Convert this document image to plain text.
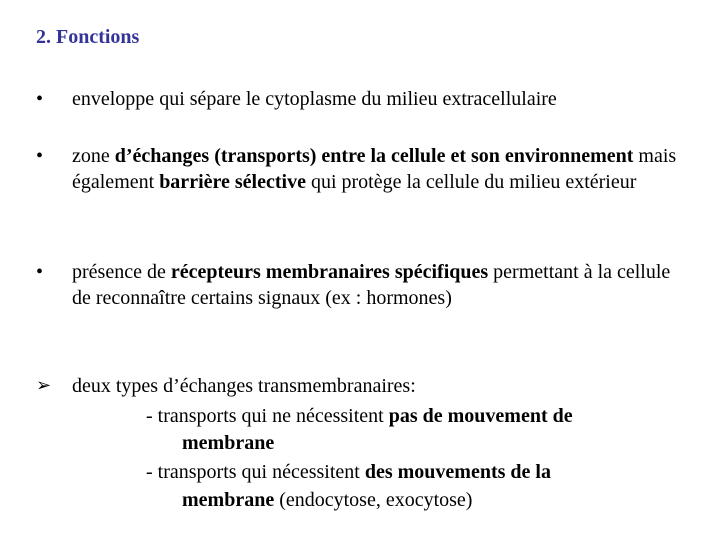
2. Fonctions
• enveloppe qui sépare le cytoplasme du milieu extracellulaire
• zone d’échanges (transports) entre la cellule et son environnement mais également barrière sélective qui protège la cellule du milieu extérieur
• présence de récepteurs membranaires spécifiques permettant à la cellule de reconnaître certains signaux (ex : hormones)
➢ deux types d’échanges transmembranaires:
- transports qui ne nécessitent pas de mouvement de
membrane
- transports qui nécessitent des mouvements de la
membrane (endocytose, exocytose)
